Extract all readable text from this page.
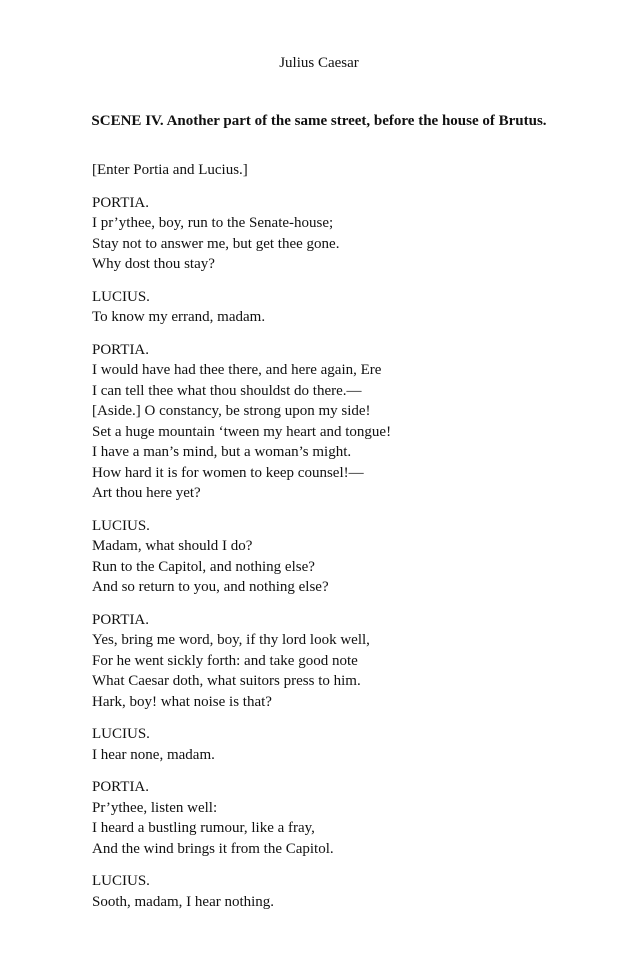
Julius Caesar
SCENE IV. Another part of the same street, before the house of Brutus.
[Enter Portia and Lucius.]
PORTIA.
I pr’ythee, boy, run to the Senate-house;
Stay not to answer me, but get thee gone.
Why dost thou stay?
LUCIUS.
To know my errand, madam.
PORTIA.
I would have had thee there, and here again, Ere
I can tell thee what thou shouldst do there.—
[Aside.] O constancy, be strong upon my side!
Set a huge mountain ‘tween my heart and tongue!
I have a man’s mind, but a woman’s might.
How hard it is for women to keep counsel!—
Art thou here yet?
LUCIUS.
Madam, what should I do?
Run to the Capitol, and nothing else?
And so return to you, and nothing else?
PORTIA.
Yes, bring me word, boy, if thy lord look well,
For he went sickly forth: and take good note
What Caesar doth, what suitors press to him.
Hark, boy! what noise is that?
LUCIUS.
I hear none, madam.
PORTIA.
Pr’ythee, listen well:
I heard a bustling rumour, like a fray,
And the wind brings it from the Capitol.
LUCIUS.
Sooth, madam, I hear nothing.
